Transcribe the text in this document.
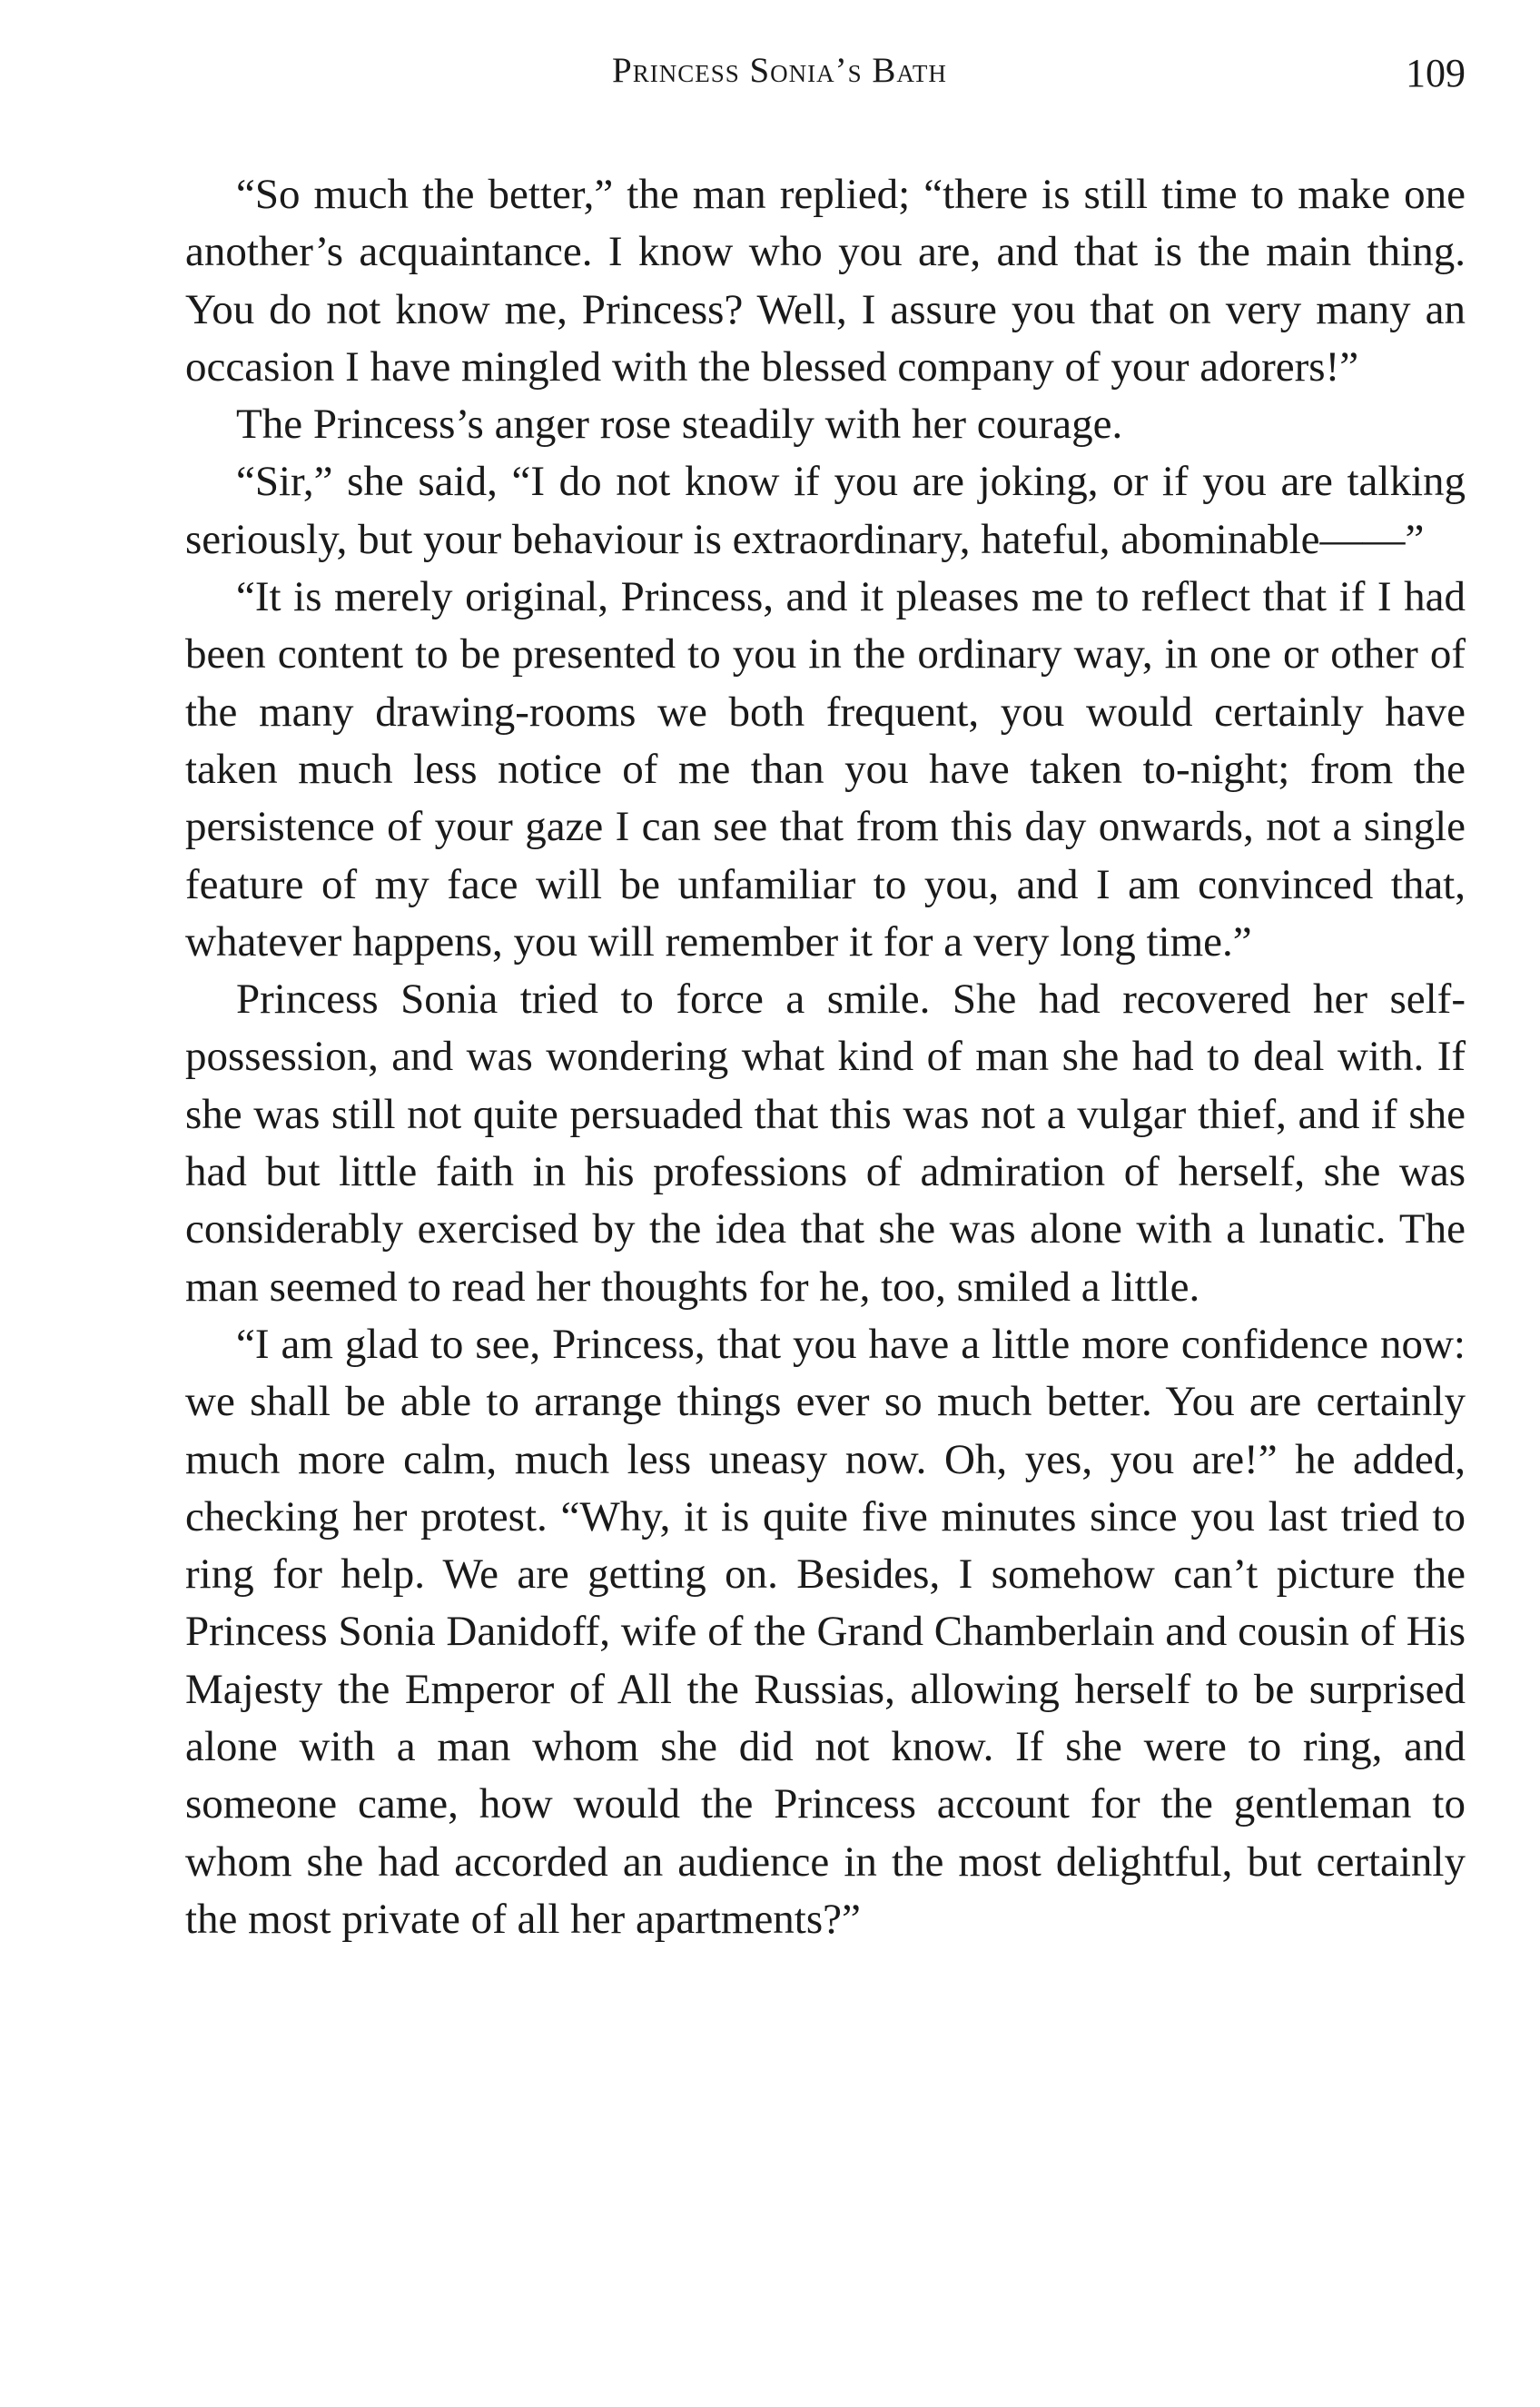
Princess Sonia’s Bath	109

“So much the better,” the man replied; “there is still time to make one another’s acquaintance. I know who you are, and that is the main thing. You do not know me, Princess? Well, I assure you that on very many an occasion I have mingled with the blessed company of your adorers!”

The Princess’s anger rose steadily with her courage.

“Sir,” she said, “I do not know if you are joking, or if you are talking seriously, but your behaviour is extraordinary, hateful, abominable——”

“It is merely original, Princess, and it pleases me to reflect that if I had been content to be presented to you in the ordinary way, in one or other of the many drawing-rooms we both frequent, you would certainly have taken much less notice of me than you have taken to-night; from the persistence of your gaze I can see that from this day onwards, not a single feature of my face will be unfamiliar to you, and I am convinced that, whatever happens, you will remember it for a very long time.”

Princess Sonia tried to force a smile. She had recovered her self-possession, and was wondering what kind of man she had to deal with. If she was still not quite persuaded that this was not a vulgar thief, and if she had but little faith in his professions of admiration of herself, she was considerably exercised by the idea that she was alone with a lunatic. The man seemed to read her thoughts for he, too, smiled a little.

“I am glad to see, Princess, that you have a little more confidence now: we shall be able to arrange things ever so much better. You are certainly much more calm, much less uneasy now. Oh, yes, you are!” he added, checking her protest. “Why, it is quite five minutes since you last tried to ring for help. We are getting on. Besides, I somehow can’t picture the Princess Sonia Danidoff, wife of the Grand Chamberlain and cousin of His Majesty the Emperor of All the Russias, allowing herself to be surprised alone with a man whom she did not know. If she were to ring, and someone came, how would the Princess account for the gentleman to whom she had accorded an audience in the most delightful, but certainly the most private of all her apartments?”
